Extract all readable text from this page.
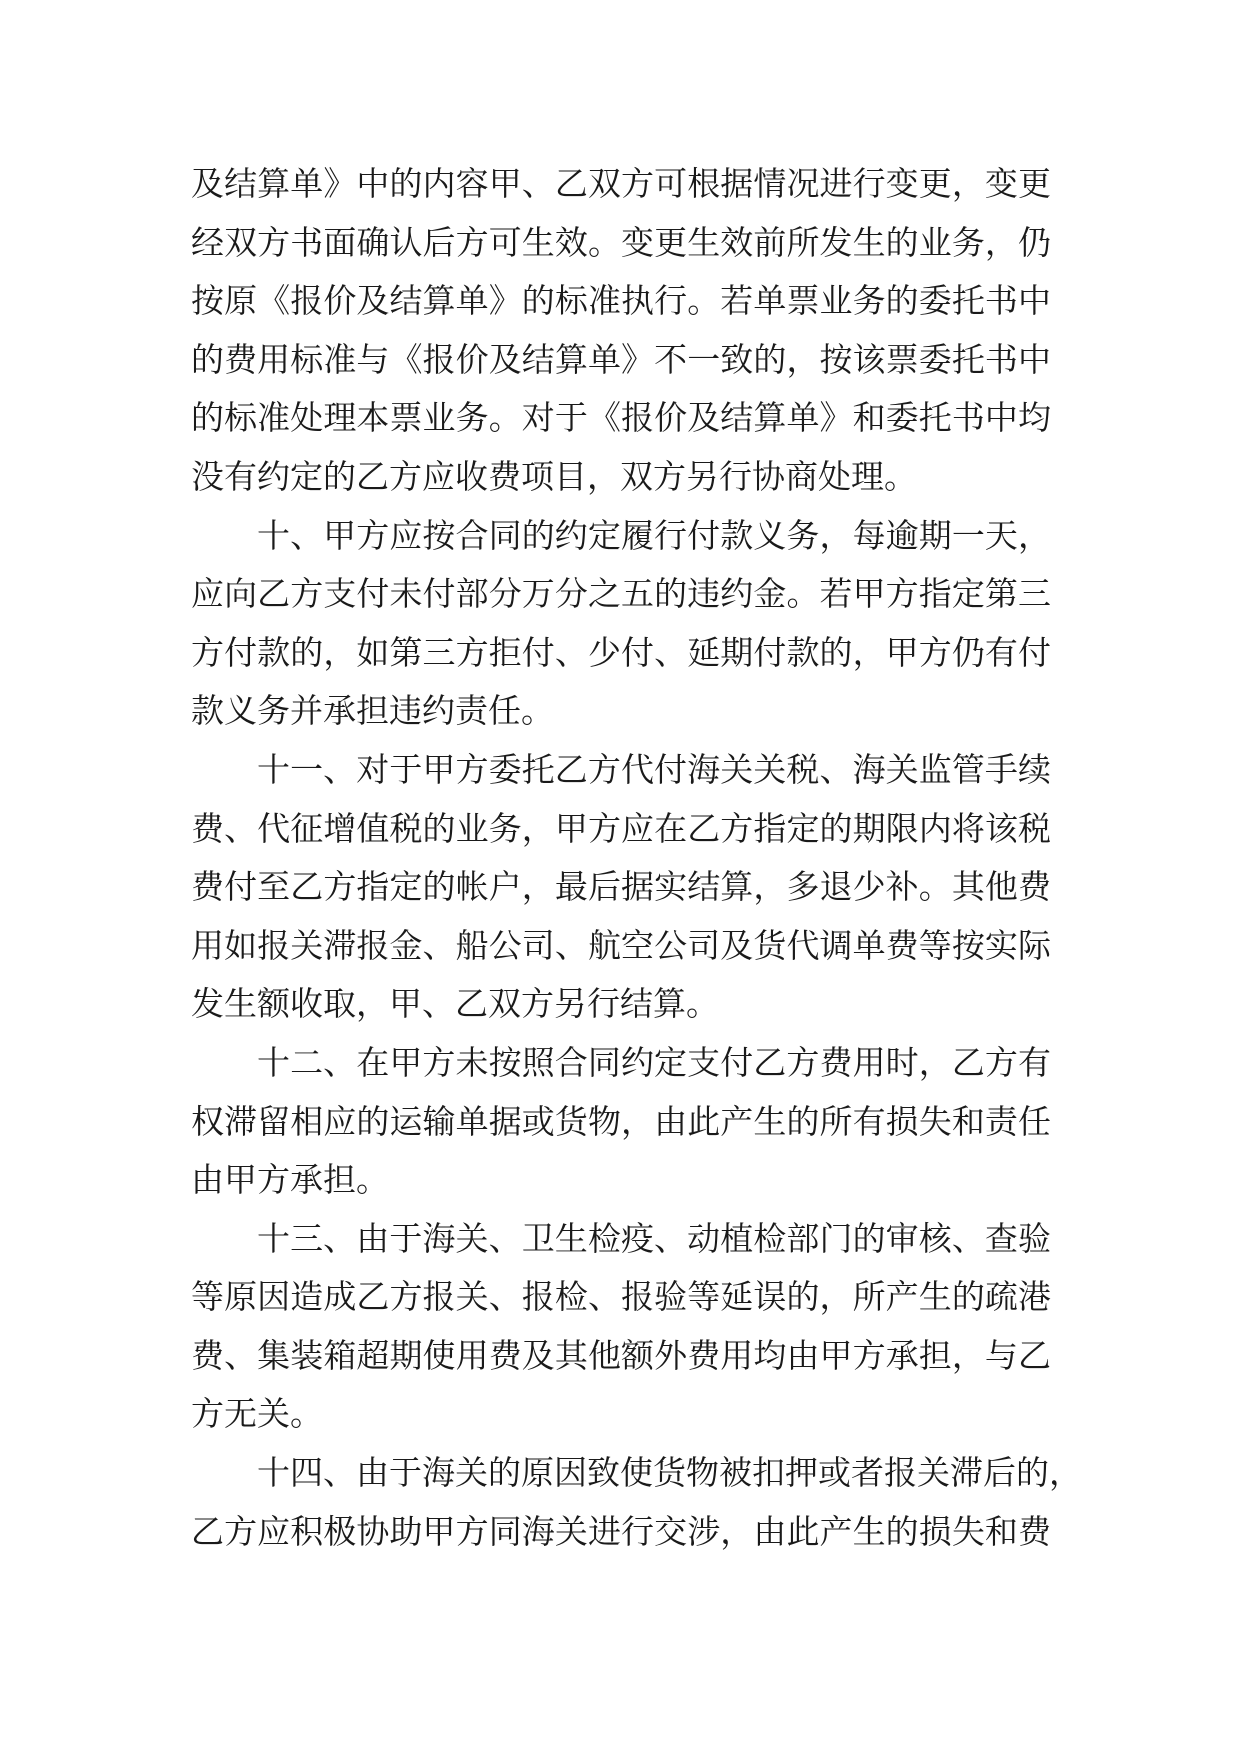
及结算单》中的内容甲、乙双方可根据情况进行变更，变更
经双方书面确认后方可生效。变更生效前所发生的业务，仍
按原《报价及结算单》的标准执行。若单票业务的委托书中
的费用标准与《报价及结算单》不一致的，按该票委托书中
的标准处理本票业务。对于《报价及结算单》和委托书中均
没有约定的乙方应收费项目，双方另行协商处理。
十、甲方应按合同的约定履行付款义务，每逾期一天，
应向乙方支付未付部分万分之五的违约金。若甲方指定第三
方付款的，如第三方拒付、少付、延期付款的，甲方仍有付
款义务并承担违约责任。
十一、对于甲方委托乙方代付海关关税、海关监管手续
费、代征增值税的业务，甲方应在乙方指定的期限内将该税
费付至乙方指定的帐户，最后据实结算，多退少补。其他费
用如报关滞报金、船公司、航空公司及货代调单费等按实际
发生额收取，甲、乙双方另行结算。
十二、在甲方未按照合同约定支付乙方费用时，乙方有
权滞留相应的运输单据或货物，由此产生的所有损失和责任
由甲方承担。
十三、由于海关、卫生检疫、动植检部门的审核、查验
等原因造成乙方报关、报检、报验等延误的，所产生的疏港
费、集装箱超期使用费及其他额外费用均由甲方承担，与乙
方无关。
十四、由于海关的原因致使货物被扣押或者报关滞后的，
乙方应积极协助甲方同海关进行交涉，由此产生的损失和费
